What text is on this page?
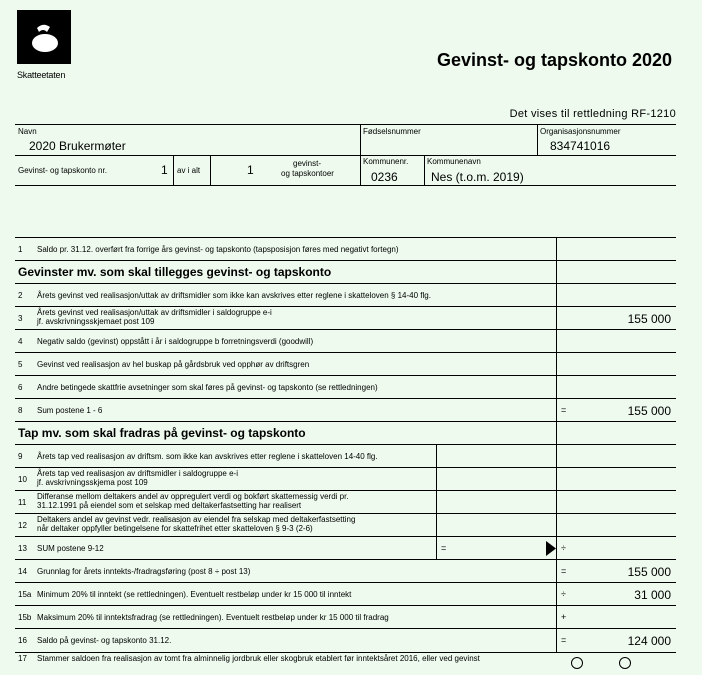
Skatteetaten
Gevinst- og tapskonto 2020
Det vises til rettledning RF-1210
Navn
2020 Brukermøter
Fødselsnummer	Organisasjonsnummer
834741016
Gevinst- og tapskonto nr.	1 av i alt	1	gevinst-
og tapskontoer
Kommunenr.
0236
Kommunenavn
Nes (t.o.m. 2019)
1 Saldo pr. 31.12. overført fra forrige års gevinst- og tapskonto (tapsposisjon føres med negativt fortegn)
Gevinster mv. som skal tillegges gevinst- og tapskonto
2 Årets gevinst ved realisasjon/uttak av driftsmidler som ikke kan avskrives etter reglene i skatteloven § 14-40 flg.
3
Årets gevinst ved realisasjon/uttak av driftsmidler i saldogruppe e-i
jf. avskrivningsskjemaet post 109	155 000
4 Negativ saldo (gevinst) oppstått i år i saldogruppe b forretningsverdi (goodwill)
5 Gevinst ved realisasjon av hel buskap på gårdsbruk ved opphør av driftsgren
6 Andre betingede skattfrie avsetninger som skal føres på gevinst- og tapskonto (se rettledningen)
8 Sum postene 1 - 6	=	155 000
Tap mv. som skal fradras på gevinst- og tapskonto
9 Årets tap ved realisasjon av driftsm. som ikke kan avskrives etter reglene i skatteloven 14-40 flg.
10
Årets tap ved realisasjon av driftsmidler i saldogruppe e-i
jf. avskrivningsskjema post 109
11
Differanse mellom deltakers andel av oppregulert verdi og bokført skattemessig verdi pr.
31.12.1991 på eiendel som et selskap med deltakerfastsetting har realisert
12
Deltakers andel av gevinst vedr. realisasjon av eiendel fra selskap med deltakerfastsetting
når deltaker oppfyller betingelsene for skattefrihet etter skatteloven § 9-3 (2-6)
13 SUM postene 9-12	=	÷
14 Grunnlag for årets inntekts-/fradragsføring (post 8 ÷ post 13)	=	155 000
15a Minimum 20% til inntekt (se rettledningen). Eventuelt restbeløp under kr 15 000 til inntekt	÷	31 000
15b Maksimum 20% til inntektsfradrag (se rettledningen). Eventuelt restbeløp under kr 15 000 til fradrag	+
16 Saldo på gevinst- og tapskonto 31.12.	=	124 000
17 Stammer saldoen fra realisasjon av tomt fra alminnelig jordbruk eller skogbruk etablert før inntektsåret 2016, eller ved gevinst
